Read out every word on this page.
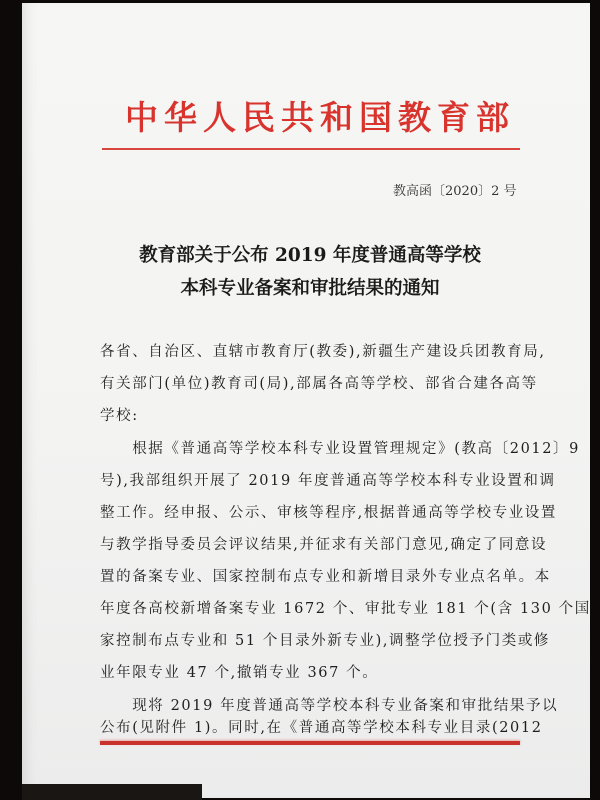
中华人民共和国教育部
教高函〔2020〕2 号
教育部关于公布 2019 年度普通高等学校
本科专业备案和审批结果的通知
各省、自治区、直辖市教育厅(教委),新疆生产建设兵团教育局,
有关部门(单位)教育司(局),部属各高等学校、部省合建各高等
学校:
　　根据《普通高等学校本科专业设置管理规定》(教高〔2012〕9
号),我部组织开展了 2019 年度普通高等学校本科专业设置和调
整工作。经申报、公示、审核等程序,根据普通高等学校专业设置
与教学指导委员会评议结果,并征求有关部门意见,确定了同意设
置的备案专业、国家控制布点专业和新增目录外专业点名单。本
年度各高校新增备案专业 1672 个、审批专业 181 个(含 130 个国
家控制布点专业和 51 个目录外新专业),调整学位授予门类或修
业年限专业 47 个,撤销专业 367 个。
　　现将 2019 年度普通高等学校本科专业备案和审批结果予以
公布(见附件 1)。同时,在《普通高等学校本科专业目录(2012
